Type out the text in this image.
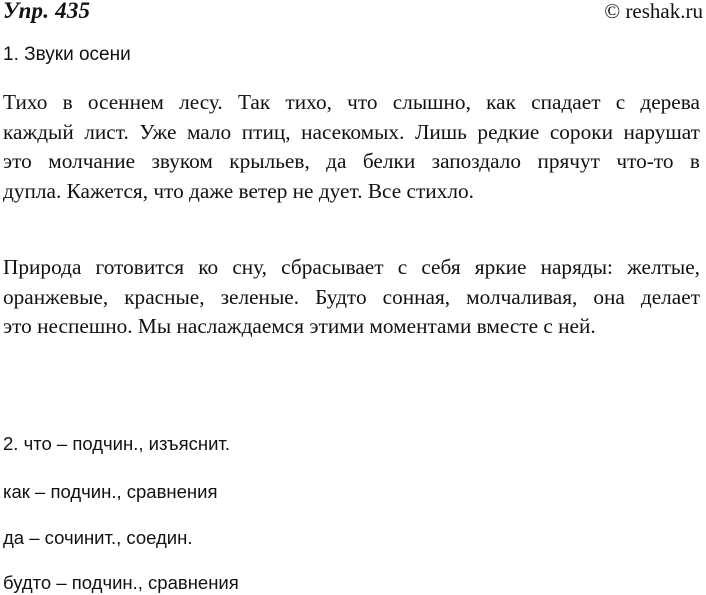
Упр. 435	© reshak.ru
1. Звуки осени
Тихо в осеннем лесу. Так тихо, что слышно, как спадает с дерева
каждый лист. Уже мало птиц, насекомых. Лишь редкие сороки нарушат
это молчание звуком крыльев, да белки запоздало прячут что-то в
дупла. Кажется, что даже ветер не дует. Все стихло.
Природа готовится ко сну, сбрасывает с себя яркие наряды: желтые,
оранжевые, красные, зеленые. Будто сонная, молчаливая, она делает
это неспешно. Мы наслаждаемся этими моментами вместе с ней.
2. что – подчин., изъяснит.
как – подчин., сравнения
да – сочинит., соедин.
будто – подчин., сравнения
